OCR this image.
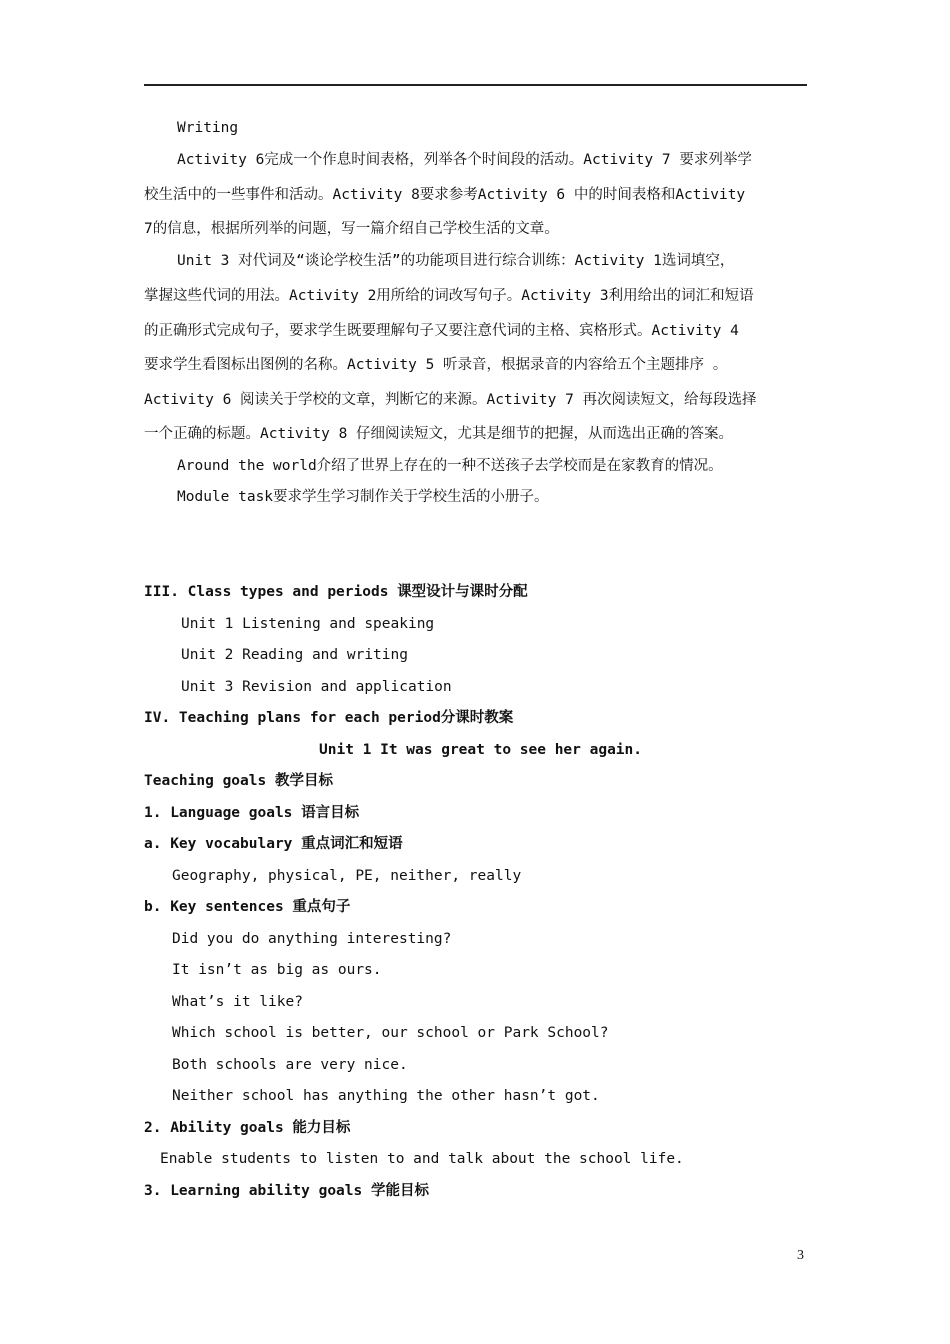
Writing
Activity 6完成一个作息时间表格，列举各个时间段的活动。Activity 7 要求列举学
校生活中的一些事件和活动。Activity 8要求参考Activity 6 中的时间表格和Activity
7的信息，根据所列举的问题，写一篇介绍自己学校生活的文章。
Unit 3 对代词及“谈论学校生活”的功能项目进行综合训练：Activity 1选词填空，
掌握这些代词的用法。Activity 2用所给的词改写句子。Activity 3利用给出的词汇和短语
的正确形式完成句子，要求学生既要理解句子又要注意代词的主格、宾格形式。Activity 4
要求学生看图标出图例的名称。Activity 5 听录音，根据录音的内容给五个主题排序 。
Activity 6 阅读关于学校的文章，判断它的来源。Activity 7 再次阅读短文，给每段选择
一个正确的标题。Activity 8 仔细阅读短文，尤其是细节的把握，从而选出正确的答案。
Around the world介绍了世界上存在的一种不送孩子去学校而是在家教育的情况。
Module task要求学生学习制作关于学校生活的小册子。
III. Class types and periods 课型设计与课时分配
Unit 1 Listening and speaking
Unit 2 Reading and writing
Unit 3 Revision and application
IV. Teaching plans for each period分课时教案
Unit 1 It was great to see her again.
Teaching goals 教学目标
1. Language goals 语言目标
a. Key vocabulary 重点词汇和短语
Geography, physical, PE, neither, really
b. Key sentences 重点句子
Did you do anything interesting?
It isn’t as big as ours.
What’s it like?
Which school is better, our school or Park School?
Both schools are very nice.
Neither school has anything the other hasn’t got.
2. Ability goals 能力目标
Enable students to listen to and talk about the school life.
3. Learning ability goals 学能目标
3
